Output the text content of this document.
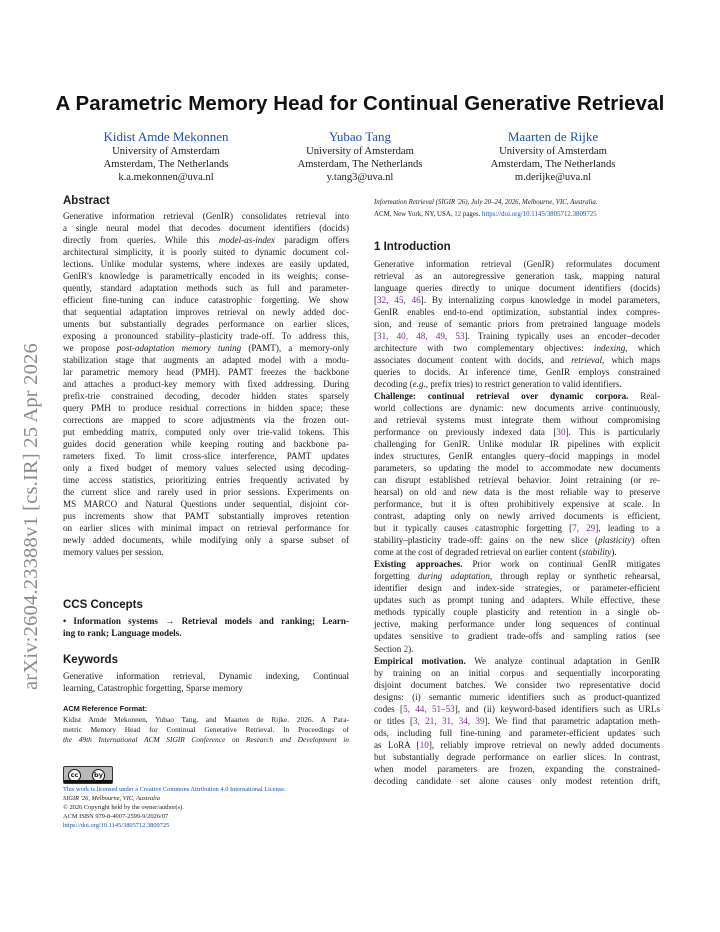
arXiv:2604.23388v1 [cs.IR] 25 Apr 2026
A Parametric Memory Head for Continual Generative Retrieval
Kidist Amde Mekonnen
University of Amsterdam
Amsterdam, The Netherlands
k.a.mekonnen@uva.nl
Yubao Tang
University of Amsterdam
Amsterdam, The Netherlands
y.tang3@uva.nl
Maarten de Rijke
University of Amsterdam
Amsterdam, The Netherlands
m.derijke@uva.nl
Abstract
Generative information retrieval (GenIR) consolidates retrieval into
a single neural model that decodes document identifiers (docids)
directly from queries. While this model-as-index paradigm offers
architectural simplicity, it is poorly suited to dynamic document col-
lections. Unlike modular systems, where indexes are easily updated,
GenIR's knowledge is parametrically encoded in its weights; conse-
quently, standard adaptation methods such as full and parameter-
efficient fine-tuning can induce catastrophic forgetting. We show
that sequential adaptation improves retrieval on newly added doc-
uments but substantially degrades performance on earlier slices,
exposing a pronounced stability–plasticity trade-off. To address this,
we propose post-adaptation memory tuning (PAMT), a memory-only
stabilization stage that augments an adapted model with a modu-
lar parametric memory head (PMH). PAMT freezes the backbone
and attaches a product-key memory with fixed addressing. During
prefix-trie constrained decoding, decoder hidden states sparsely
query PMH to produce residual corrections in hidden space; these
corrections are mapped to score adjustments via the frozen out-
put embedding matrix, computed only over trie-valid tokens. This
guides docid generation while keeping routing and backbone pa-
rameters fixed. To limit cross-slice interference, PAMT updates
only a fixed budget of memory values selected using decoding-
time access statistics, prioritizing entries frequently activated by
the current slice and rarely used in prior sessions. Experiments on
MS MARCO and Natural Questions under sequential, disjoint cor-
pus increments show that PAMT substantially improves retention
on earlier slices with minimal impact on retrieval performance for
newly added documents, while modifying only a sparse subset of
memory values per session.
CCS Concepts
• Information systems → Retrieval models and ranking; Learn-
ing to rank; Language models.
Keywords
Generative information retrieval, Dynamic indexing, Continual
learning, Catastrophic forgetting, Sparse memory
ACM Reference Format:
Kidist Amde Mekonnen, Yubao Tang, and Maarten de Rijke. 2026. A Para-
metric Memory Head for Continual Generative Retrieval. In Proceedings of
the 49th International ACM SIGIR Conference on Research and Development in
cc	by
This work is licensed under a Creative Commons Attribution 4.0 International License.
SIGIR '26, Melbourne, VIC, Australia
© 2026 Copyright held by the owner/author(s).
ACM ISBN 979-8-4007-2599-9/2026/07
https://doi.org/10.1145/3805712.3809725
Information Retrieval (SIGIR '26), July 20–24, 2026, Melbourne, VIC, Australia.
ACM, New York, NY, USA, 12 pages. https://doi.org/10.1145/3805712.3809725
1 Introduction
Generative information retrieval (GenIR) reformulates document
retrieval as an autoregressive generation task, mapping natural
language queries directly to unique document identifiers (docids)
[32, 45, 46]. By internalizing corpus knowledge in model parameters,
GenIR enables end-to-end optimization, substantial index compres-
sion, and reuse of semantic priors from pretrained language models
[31, 40, 48, 49, 53]. Training typically uses an encoder–decoder
architecture with two complementary objectives: indexing, which
associates document content with docids, and retrieval, which maps
queries to docids. At inference time, GenIR employs constrained
decoding (e.g., prefix tries) to restrict generation to valid identifiers.
Challenge: continual retrieval over dynamic corpora. Real-
world collections are dynamic: new documents arrive continuously,
and retrieval systems must integrate them without compromising
performance on previously indexed data [30]. This is particularly
challenging for GenIR. Unlike modular IR pipelines with explicit
index structures, GenIR entangles query–docid mappings in model
parameters, so updating the model to accommodate new documents
can disrupt established retrieval behavior. Joint retraining (or re-
hearsal) on old and new data is the most reliable way to preserve
performance, but it is often prohibitively expensive at scale. In
contrast, adapting only on newly arrived documents is efficient,
but it typically causes catastrophic forgetting [7, 29], leading to a
stability–plasticity trade-off: gains on the new slice (plasticity) often
come at the cost of degraded retrieval on earlier content (stability).
Existing approaches. Prior work on continual GenIR mitigates
forgetting during adaptation, through replay or synthetic rehearsal,
identifier design and index-side strategies, or parameter-efficient
updates such as prompt tuning and adapters. While effective, these
methods typically couple plasticity and retention in a single ob-
jective, making performance under long sequences of continual
updates sensitive to gradient trade-offs and sampling ratios (see
Section 2).
Empirical motivation. We analyze continual adaptation in GenIR
by training on an initial corpus and sequentially incorporating
disjoint document batches. We consider two representative docid
designs: (i) semantic numeric identifiers such as product-quantized
codes [5, 44, 51–53], and (ii) keyword-based identifiers such as URLs
or titles [3, 21, 31, 34, 39]. We find that parametric adaptation meth-
ods, including full fine-tuning and parameter-efficient updates such
as LoRA [10], reliably improve retrieval on newly added documents
but substantially degrade performance on earlier slices. In contrast,
when model parameters are frozen, expanding the constrained-
decoding candidate set alone causes only modest retention drift,
